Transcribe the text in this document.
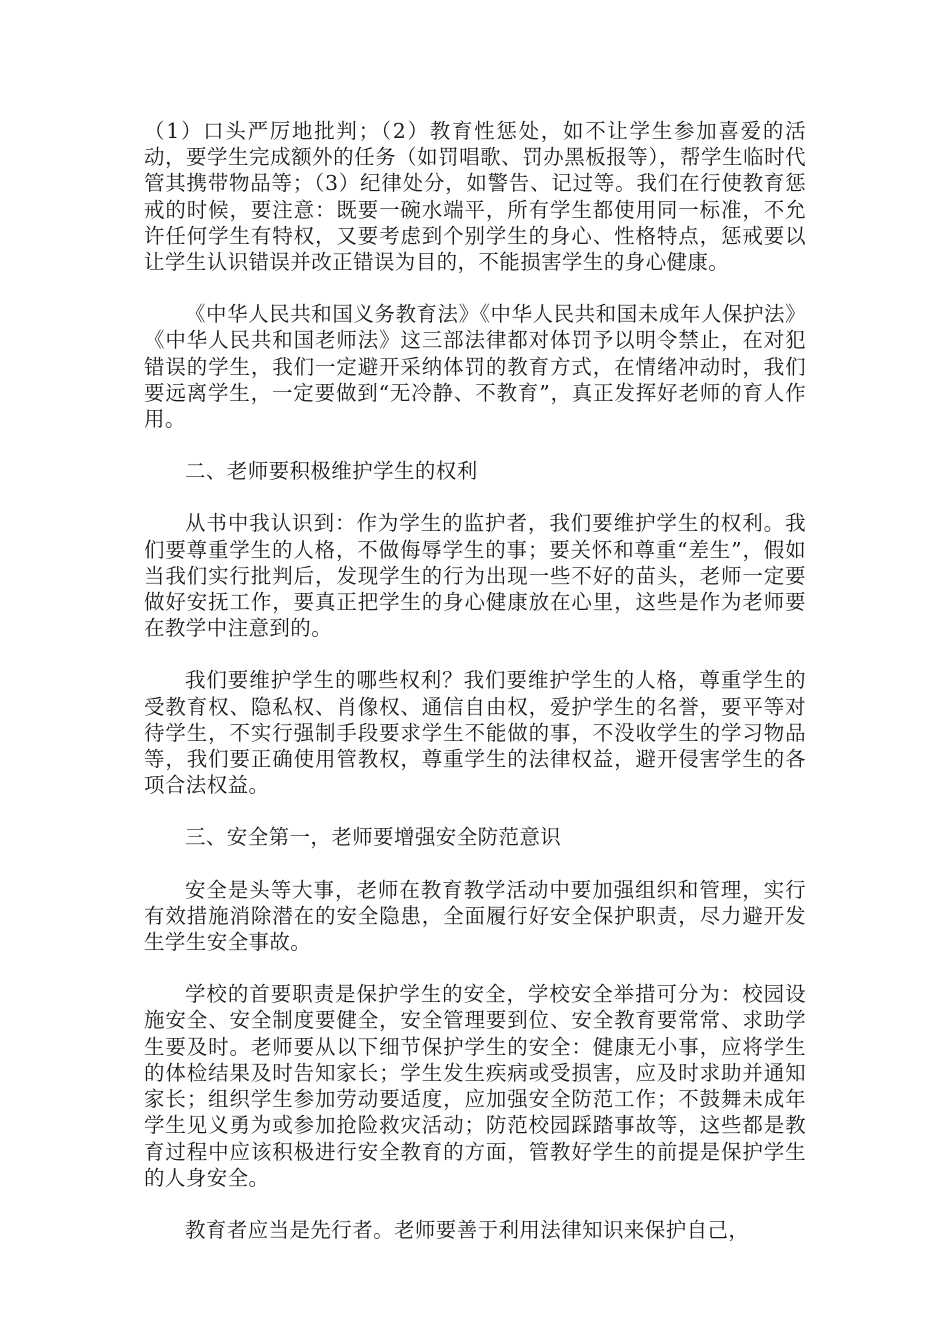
（1）口头严厉地批判；（2）教育性惩处，如不让学生参加喜爱的活动，要学生完成额外的任务（如罚唱歌、罚办黑板报等），帮学生临时代管其携带物品等；（3）纪律处分，如警告、记过等。我们在行使教育惩戒的时候，要注意：既要一碗水端平，所有学生都使用同一标准，不允许任何学生有特权，又要考虑到个别学生的身心、性格特点，惩戒要以让学生认识错误并改正错误为目的，不能损害学生的身心健康。

《中华人民共和国义务教育法》《中华人民共和国未成年人保护法》《中华人民共和国老师法》这三部法律都对体罚予以明令禁止，在对犯错误的学生，我们一定避开采纳体罚的教育方式，在情绪冲动时，我们要远离学生，一定要做到“无冷静、不教育”，真正发挥好老师的育人作用。

二、老师要积极维护学生的权利

从书中我认识到：作为学生的监护者，我们要维护学生的权利。我们要尊重学生的人格，不做侮辱学生的事；要关怀和尊重“差生”，假如当我们实行批判后，发现学生的行为出现一些不好的苗头，老师一定要做好安抚工作，要真正把学生的身心健康放在心里，这些是作为老师要在教学中注意到的。

我们要维护学生的哪些权利？我们要维护学生的人格，尊重学生的受教育权、隐私权、肖像权、通信自由权，爱护学生的名誉，要平等对待学生，不实行强制手段要求学生不能做的事，不没收学生的学习物品等，我们要正确使用管教权，尊重学生的法律权益，避开侵害学生的各项合法权益。

三、安全第一，老师要增强安全防范意识

安全是头等大事，老师在教育教学活动中要加强组织和管理，实行有效措施消除潜在的安全隐患，全面履行好安全保护职责，尽力避开发生学生安全事故。

学校的首要职责是保护学生的安全，学校安全举措可分为：校园设施安全、安全制度要健全，安全管理要到位、安全教育要常常、求助学生要及时。老师要从以下细节保护学生的安全：健康无小事，应将学生的体检结果及时告知家长；学生发生疾病或受损害，应及时求助并通知家长；组织学生参加劳动要适度，应加强安全防范工作；不鼓舞未成年学生见义勇为或参加抢险救灾活动；防范校园踩踏事故等，这些都是教育过程中应该积极进行安全教育的方面，管教好学生的前提是保护学生的人身安全。

教育者应当是先行者。老师要善于利用法律知识来保护自己，
